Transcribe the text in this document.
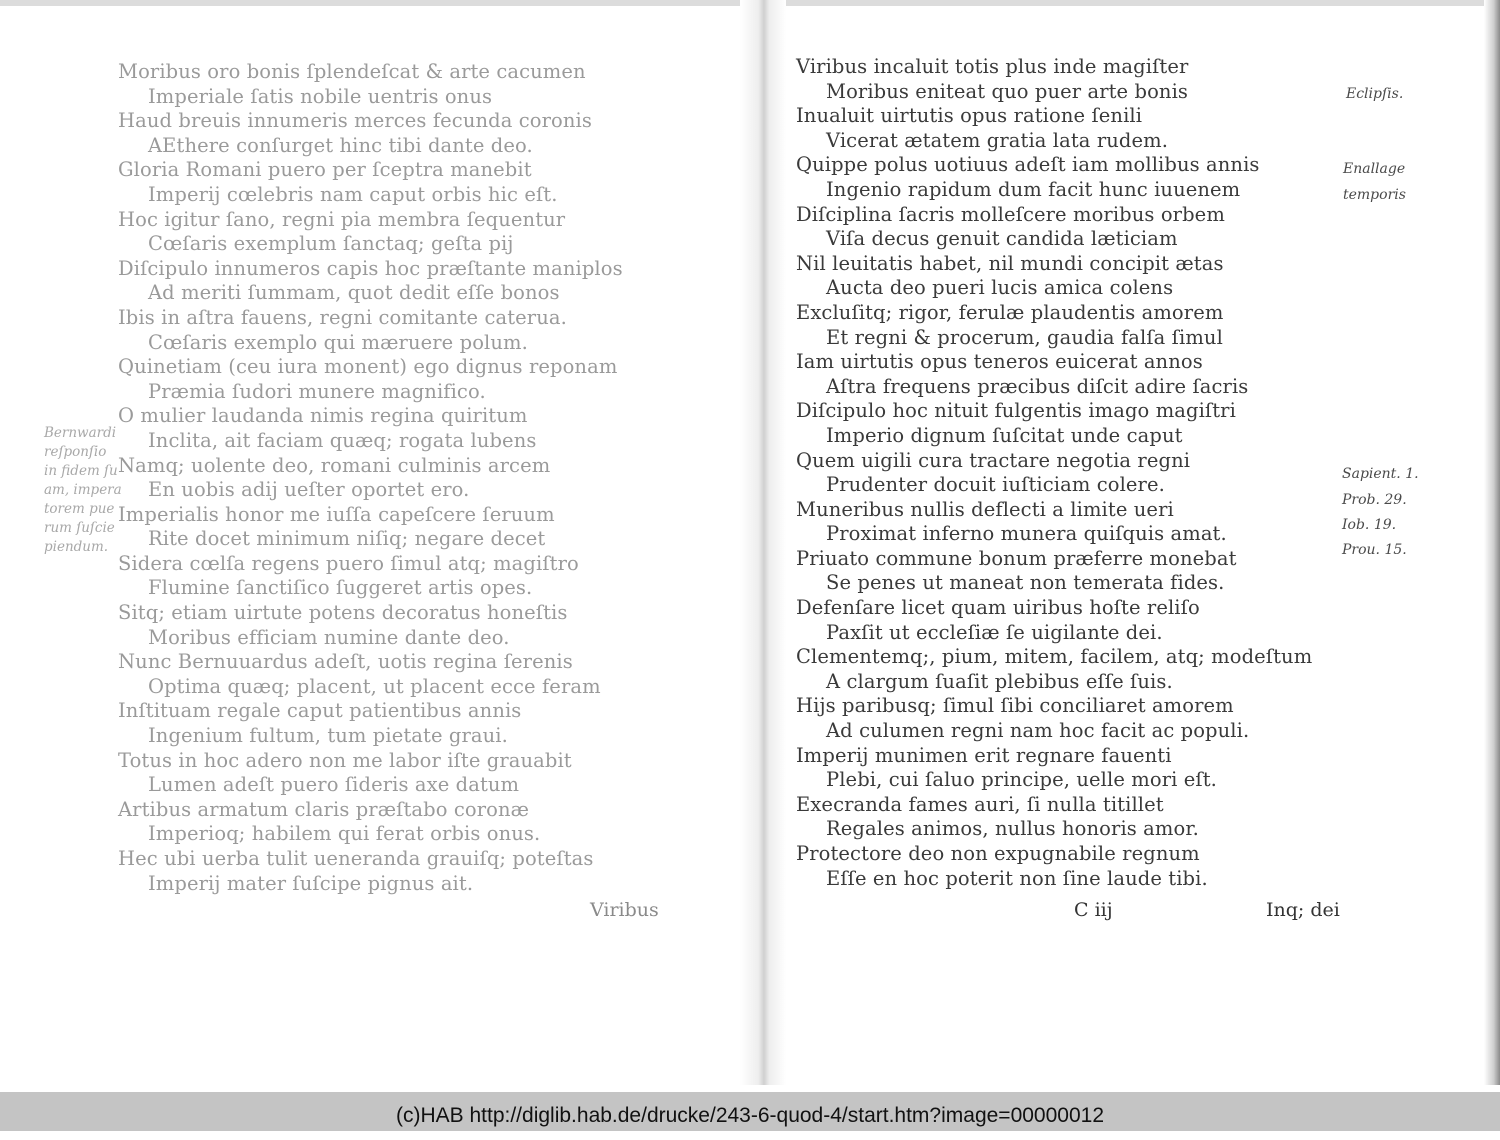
Moribus oro bonis ſplendeſcat & arte cacumen
Imperiale ſatis nobile uentris onus
Haud breuis innumeris merces fecunda coronis
AEthere conſurget hinc tibi dante deo.
Gloria Romani puero per ſceptra manebit
Imperij cœlebris nam caput orbis hic eſt.
Hoc igitur ſano, regni pia membra ſequentur
Cœſaris exemplum ſanctaq; geſta pij
Diſcipulo innumeros capis hoc præſtante maniplos
Ad meriti ſummam, quot dedit eſſe bonos
Ibis in aſtra fauens, regni comitante caterua.
Cœſaris exemplo qui mæruere polum.
Quinetiam (ceu iura monent) ego dignus reponam
Præmia ſudori munere magnifico.
O mulier laudanda nimis regina quiritum
Inclita, ait faciam quæq; rogata lubens
Namq; uolente deo, romani culminis arcem
En uobis adij ueſter oportet ero.
Imperialis honor me iuſſa capeſcere ſeruum
Rite docet minimum niſiq; negare decet
Sidera cœlſa regens puero ſimul atq; magiſtro
Flumine ſanctiſico ſuggeret artis opes.
Sitq; etiam uirtute potens decoratus honeſtis
Moribus efficiam numine dante deo.
Nunc Bernuuardus adeſt, uotis regina ſerenis
Optima quæq; placent, ut placent ecce feram
Inſtituam regale caput patientibus annis
Ingenium fultum, tum pietate graui.
Totus in hoc adero non me labor iſte grauabit
Lumen adeſt puero ſideris axe datum
Artibus armatum claris præſtabo coronæ
Imperioq; habilem qui ferat orbis onus.
Hec ubi uerba tulit ueneranda grauiſq; poteſtas
Imperij mater ſuſcipe pignus ait.
Bernwardi
reſponſio
in fidem ſu
am, impera
torem puе
rum ſuſcie
piendum.
Viribus
Viribus incaluit totis plus inde magiſter
Moribus eniteat quo puer arte bonis
Inualuit uirtutis opus ratione ſenili
Vicerat ætatem gratia lata rudem.
Quippe polus uotiuus adeſt iam mollibus annis
Ingenio rapidum dum facit hunc iuuenem
Diſciplina ſacris molleſcere moribus orbem
Viſa decus genuit candida læticiam
Nil leuitatis habet, nil mundi concipit ætas
Aucta deo pueri lucis amica colens
Excluſitq; rigor, ferulæ plaudentis amorem
Et regni & procerum, gaudia falſa ſimul
Iam uirtutis opus teneros euicerat annos
Aſtra frequens præcibus diſcit adire ſacris
Diſcipulo hoc nituit fulgentis imago magiſtri
Imperio dignum ſuſcitat unde caput
Quem uigili cura tractare negotia regni
Prudenter docuit iuſticiam colere.
Muneribus nullis deflecti a limite ueri
Proximat inferno munera quiſquis amat.
Priuato commune bonum præferre monebat
Se penes ut maneat non temerata fides.
Defenſare licet quam uiribus hoſte reliſo
Paxſit ut eccleſiæ ſe uigilante dei.
Clementemq;, pium, mitem, facilem, atq; modeſtum
A clargum ſuaſit plebibus eſſe ſuis.
Hijs paribusq; ſimul ſibi conciliaret amorem
Ad culumen regni nam hoc facit ac populi.
Imperij munimen erit regnare fauenti
Plebi, cui ſaluo principe, uelle mori eſt.
Execranda fames auri, ſi nulla titillet
Regales animos, nullus honoris amor.
Protectore deo non expugnabile regnum
Eſſe en hoc poterit non ſine laude tibi.
Eclipſis.
Enallage
temporis
Sapient. 1.
Prob. 29.
Iob. 19.
Prou. 15.
C iij	Inq; dei
(c)HAB http://diglib.hab.de/drucke/243-6-quod-4/start.htm?image=00000012
